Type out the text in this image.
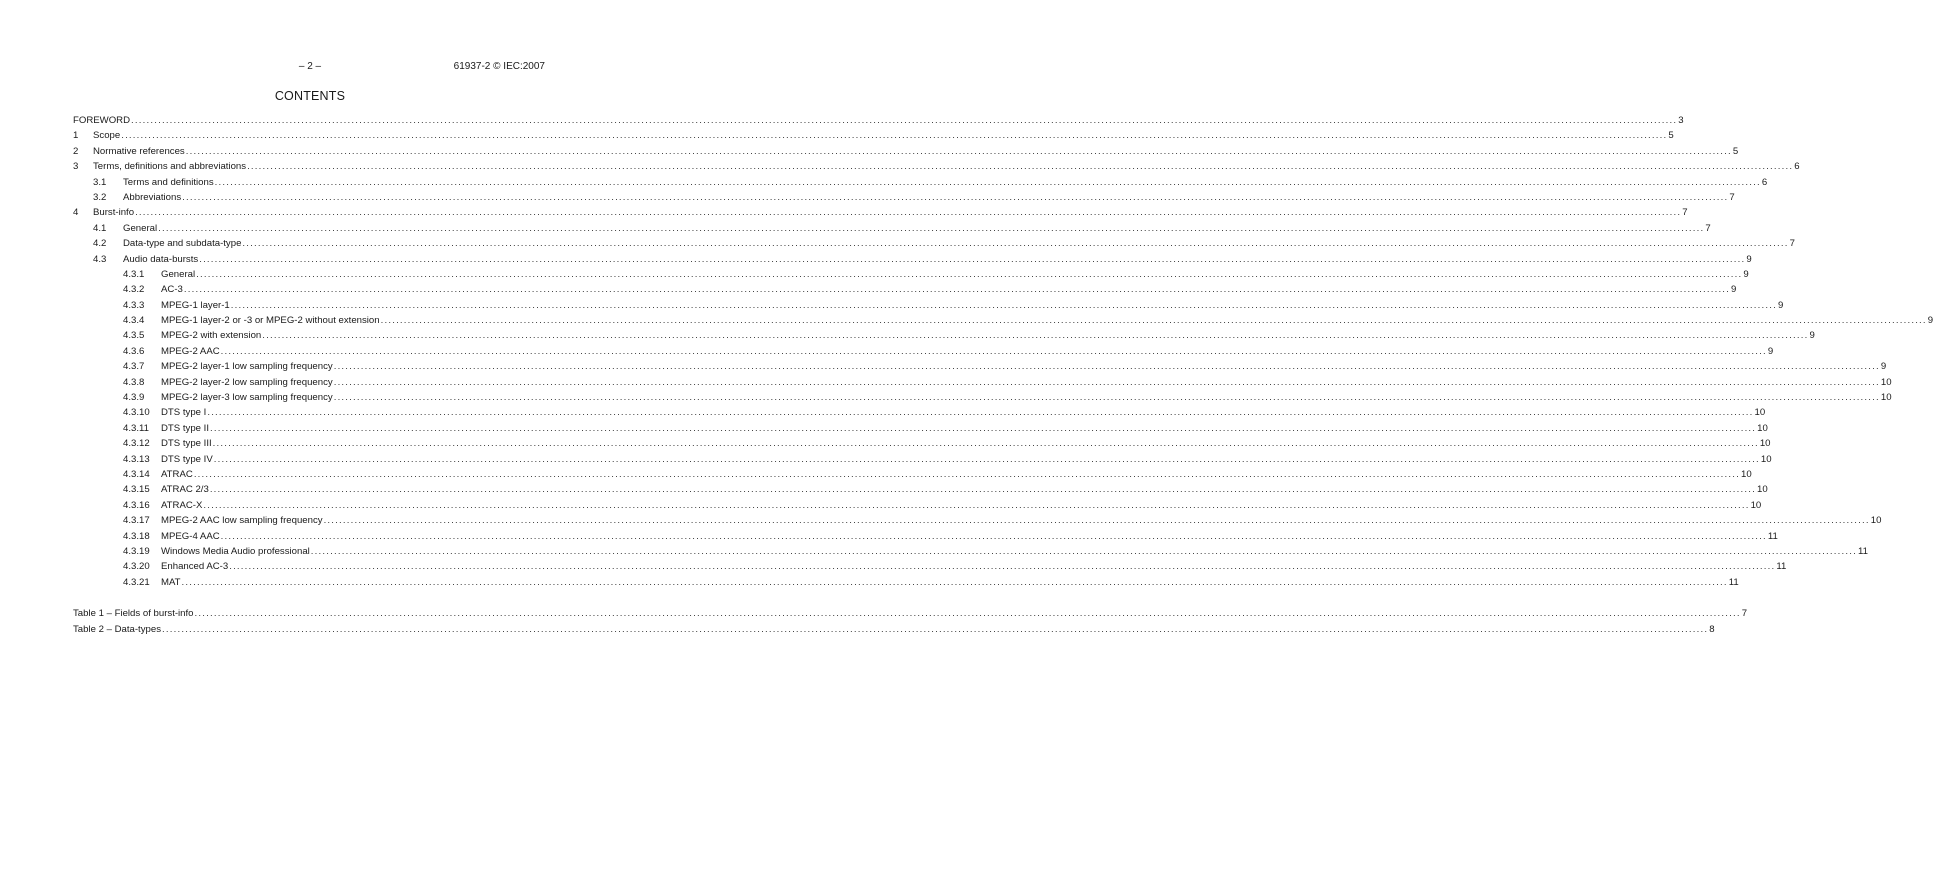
– 2 –	61937-2 © IEC:2007
CONTENTS
FOREWORD ................................................................................................................................................................................................................................................................................................................................................................................................................ 3
1 Scope ................................................................................................................................................................................................................................................................................................................................................................................................................ 5
2 Normative references ................................................................................................................................................................................................................................................................................................................................................................................................................ 5
3 Terms, definitions and abbreviations ................................................................................................................................................................................................................................................................................................................................................................................................................ 6
3.1 Terms and definitions ................................................................................................................................................................................................................................................................................................................................................................................................................ 6
3.2 Abbreviations ................................................................................................................................................................................................................................................................................................................................................................................................................ 7
4 Burst-info ................................................................................................................................................................................................................................................................................................................................................................................................................ 7
4.1 General ................................................................................................................................................................................................................................................................................................................................................................................................................ 7
4.2 Data-type and subdata-type ................................................................................................................................................................................................................................................................................................................................................................................................................ 7
4.3 Audio data-bursts ................................................................................................................................................................................................................................................................................................................................................................................................................ 9
4.3.1 General ................................................................................................................................................................................................................................................................................................................................................................................................................ 9
4.3.2 AC-3 ................................................................................................................................................................................................................................................................................................................................................................................................................ 9
4.3.3 MPEG-1 layer-1 ................................................................................................................................................................................................................................................................................................................................................................................................................ 9
4.3.4 MPEG-1 layer-2 or -3 or MPEG-2 without extension ................................................................................................................................................................................................................................................................................................................................................................................................................ 9
4.3.5 MPEG-2 with extension ................................................................................................................................................................................................................................................................................................................................................................................................................ 9
4.3.6 MPEG-2 AAC ................................................................................................................................................................................................................................................................................................................................................................................................................ 9
4.3.7 MPEG-2 layer-1 low sampling frequency ................................................................................................................................................................................................................................................................................................................................................................................................................ 9
4.3.8 MPEG-2 layer-2 low sampling frequency ................................................................................................................................................................................................................................................................................................................................................................................................................ 10
4.3.9 MPEG-2 layer-3 low sampling frequency ................................................................................................................................................................................................................................................................................................................................................................................................................ 10
4.3.10 DTS type I ................................................................................................................................................................................................................................................................................................................................................................................................................ 10
4.3.11 DTS type II ................................................................................................................................................................................................................................................................................................................................................................................................................ 10
4.3.12 DTS type III ................................................................................................................................................................................................................................................................................................................................................................................................................ 10
4.3.13 DTS type IV ................................................................................................................................................................................................................................................................................................................................................................................................................ 10
4.3.14 ATRAC ................................................................................................................................................................................................................................................................................................................................................................................................................ 10
4.3.15 ATRAC 2/3 ................................................................................................................................................................................................................................................................................................................................................................................................................ 10
4.3.16 ATRAC-X ................................................................................................................................................................................................................................................................................................................................................................................................................ 10
4.3.17 MPEG-2 AAC low sampling frequency ................................................................................................................................................................................................................................................................................................................................................................................................................ 10
4.3.18 MPEG-4 AAC ................................................................................................................................................................................................................................................................................................................................................................................................................ 11
4.3.19 Windows Media Audio professional ................................................................................................................................................................................................................................................................................................................................................................................................................ 11
4.3.20 Enhanced AC-3 ................................................................................................................................................................................................................................................................................................................................................................................................................ 11
4.3.21 MAT ................................................................................................................................................................................................................................................................................................................................................................................................................ 11
Table 1 – Fields of burst-info ................................................................................................................................................................................................................................................................................................................................................................................................................ 7
Table 2 – Data-types ................................................................................................................................................................................................................................................................................................................................................................................................................ 8
